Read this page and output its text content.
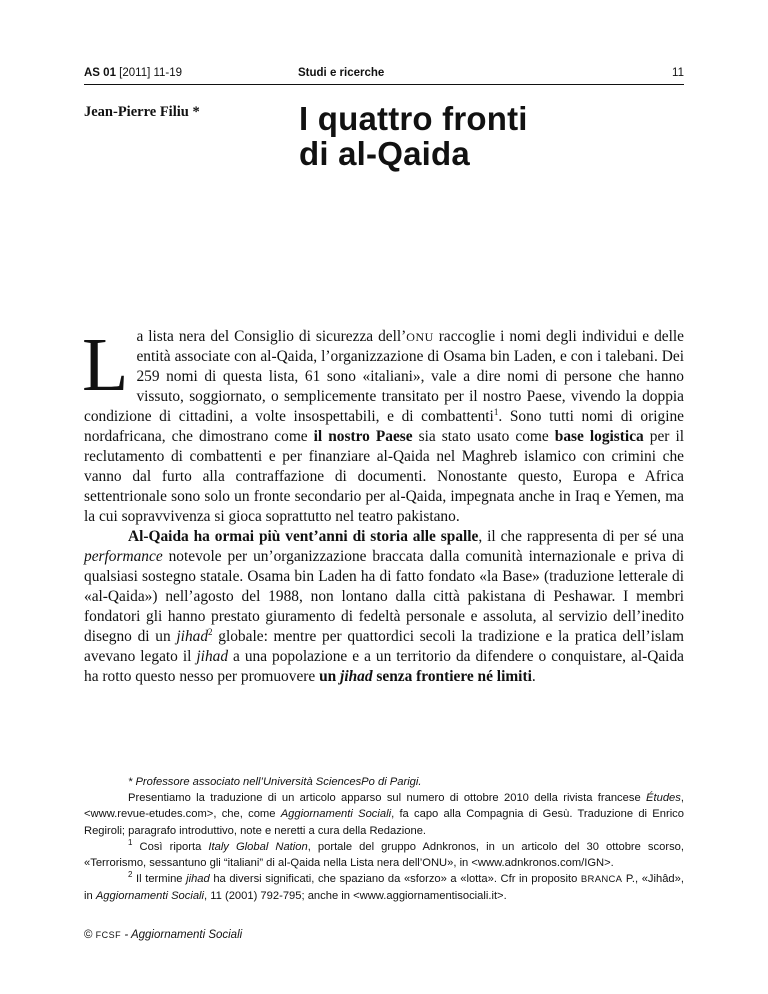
AS 01 [2011] 11-19	Studi e ricerche	11
Jean-Pierre Filiu *	I quattro fronti
di al-Qaida

La lista nera del Consiglio di sicurezza dell’ONU raccoglie i nomi degli individui e delle entità associate con al-Qaida, l’organizzazione di Osama bin Laden, e con i talebani. Dei 259 nomi di questa lista, 61 sono «italiani», vale a dire nomi di persone che hanno vissuto, soggiornato, o semplicemente transitato per il nostro Paese, vivendo la doppia condizione di cittadini, a volte insospettabili, e di combattenti$^1$. Sono tutti nomi di origine nordafricana, che dimostrano come il nostro Paese sia stato usato come base logistica per il reclutamento di combattenti e per finanziare al-Qaida nel Maghreb islamico con crimini che vanno dal furto alla contraffazione di documenti. Nonostante questo, Europa e Africa settentrionale sono solo un fronte secondario per al-Qaida, impegnata anche in Iraq e Yemen, ma la cui sopravvivenza si gioca soprattutto nel teatro pakistano.

Al-Qaida ha ormai più vent’anni di storia alle spalle, il che rappresenta di per sé una performance notevole per un’organizzazione braccata dalla comunità internazionale e priva di qualsiasi sostegno statale. Osama bin Laden ha di fatto fondato «la Base» (traduzione letterale di «al-Qaida») nell’agosto del 1988, non lontano dalla città pakistana di Peshawar. I membri fondatori gli hanno prestato giuramento di fedeltà personale e assoluta, al servizio dell’inedito disegno di un jihad$^2$ globale: mentre per quattordici secoli la tradizione e la pratica dell’islam avevano legato il jihad a una popolazione e a un territorio da difendere o conquistare, al-Qaida ha rotto questo nesso per promuovere un jihad senza frontiere né limiti.

* Professore associato nell’Università SciencesPo di Parigi.

Presentiamo la traduzione di un articolo apparso sul numero di ottobre 2010 della rivista francese Études, <www.revue-etudes.com>, che, come Aggiornamenti Sociali, fa capo alla Compagnia di Gesù. Traduzione di Enrico Regiroli; paragrafo introduttivo, note e neretti a cura della Redazione.

$^1$ Così riporta Italy Global Nation, portale del gruppo Adnkronos, in un articolo del 30 ottobre scorso, «Terrorismo, sessantuno gli “italiani” di al-Qaida nella Lista nera dell’ONU», in <www.adnkronos.com/IGN>.

$^2$ Il termine jihad ha diversi significati, che spaziano da «sforzo» a «lotta». Cfr in proposito BRANCA P., «Jihâd», in Aggiornamenti Sociali, 11 (2001) 792-795; anche in <www.aggiornamentisociali.it>.

© FCSF - Aggiornamenti Sociali
